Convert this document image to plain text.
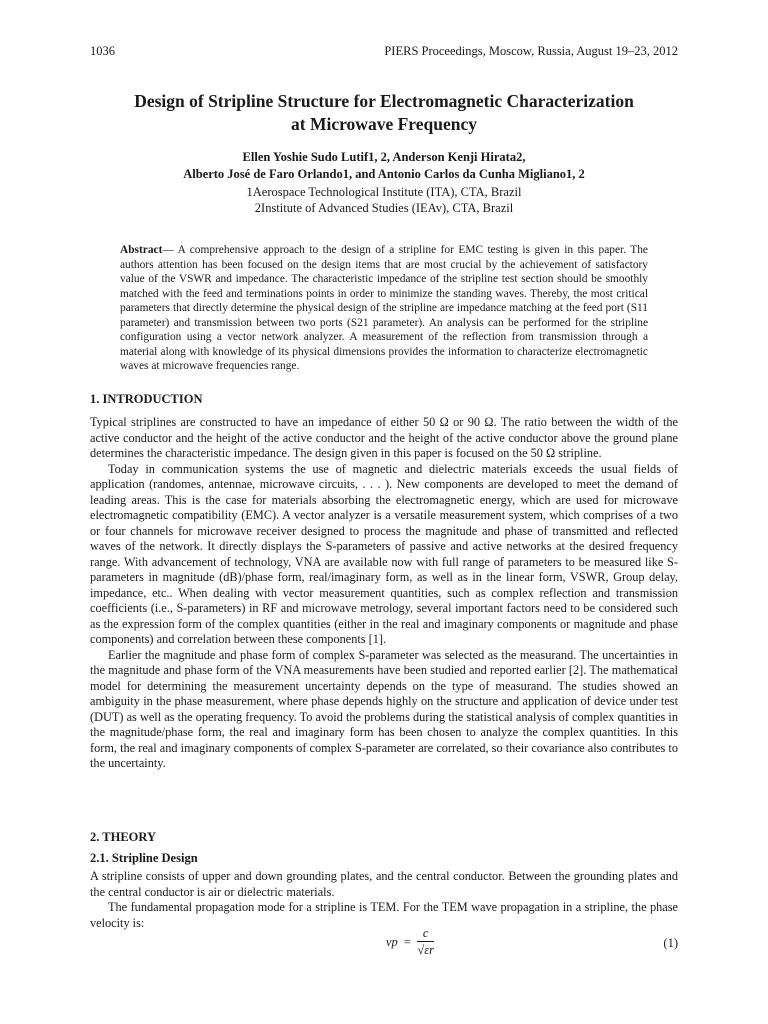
1036	PIERS Proceedings, Moscow, Russia, August 19–23, 2012
Design of Stripline Structure for Electromagnetic Characterization
at Microwave Frequency
Ellen Yoshie Sudo Lutif1, 2, Anderson Kenji Hirata2,
Alberto José de Faro Orlando1, and Antonio Carlos da Cunha Migliano1, 2
1Aerospace Technological Institute (ITA), CTA, Brazil
2Institute of Advanced Studies (IEAv), CTA, Brazil

Abstract— A comprehensive approach to the design of a stripline for EMC testing is given in this paper. The authors attention has been focused on the design items that are most crucial by the achievement of satisfactory value of the VSWR and impedance. The characteristic impedance of the stripline test section should be smoothly matched with the feed and terminations points in order to minimize the standing waves. Thereby, the most critical parameters that directly determine the physical design of the stripline are impedance matching at the feed port (S11 parameter) and transmission between two ports (S21 parameter). An analysis can be performed for the stripline configuration using a vector network analyzer. A measurement of the reflection from transmission through a material along with knowledge of its physical dimensions provides the information to characterize electromagnetic waves at microwave frequencies range.

1. INTRODUCTION

Typical striplines are constructed to have an impedance of either 50 Ω or 90 Ω. The ratio between the width of the active conductor and the height of the active conductor and the height of the active conductor above the ground plane determines the characteristic impedance. The design given in this paper is focused on the 50 Ω stripline.

Today in communication systems the use of magnetic and dielectric materials exceeds the usual fields of application (randomes, antennae, microwave circuits, . . . ). New components are developed to meet the demand of leading areas. This is the case for materials absorbing the electromagnetic energy, which are used for microwave electromagnetic compatibility (EMC). A vector analyzer is a versatile measurement system, which comprises of a two or four channels for microwave receiver designed to process the magnitude and phase of transmitted and reflected waves of the network. It directly displays the S-parameters of passive and active networks at the desired frequency range. With advancement of technology, VNA are available now with full range of parameters to be measured like S-parameters in magnitude (dB)/phase form, real/imaginary form, as well as in the linear form, VSWR, Group delay, impedance, etc.. When dealing with vector measurement quantities, such as complex reflection and transmission coefficients (i.e., S-parameters) in RF and microwave metrology, several important factors need to be considered such as the expression form of the complex quantities (either in the real and imaginary components or magnitude and phase components) and correlation between these components [1].

Earlier the magnitude and phase form of complex S-parameter was selected as the measurand. The uncertainties in the magnitude and phase form of the VNA measurements have been studied and reported earlier [2]. The mathematical model for determining the measurement uncertainty depends on the type of measurand. The studies showed an ambiguity in the phase measurement, where phase depends highly on the structure and application of device under test (DUT) as well as the operating frequency. To avoid the problems during the statistical analysis of complex quantities in the magnitude/phase form, the real and imaginary form has been chosen to analyze the complex quantities. In this form, the real and imaginary components of complex S-parameter are correlated, so their covariance also contributes to the uncertainty.

2. THEORY
2.1. Stripline Design

A stripline consists of upper and down grounding plates, and the central conductor. Between the grounding plates and the central conductor is air or dielectric materials.

The fundamental propagation mode for a stripline is TEM. For the TEM wave propagation in a stripline, the phase velocity is:

vp = $\frac{c}{√\varepsilon r}$	(1)
